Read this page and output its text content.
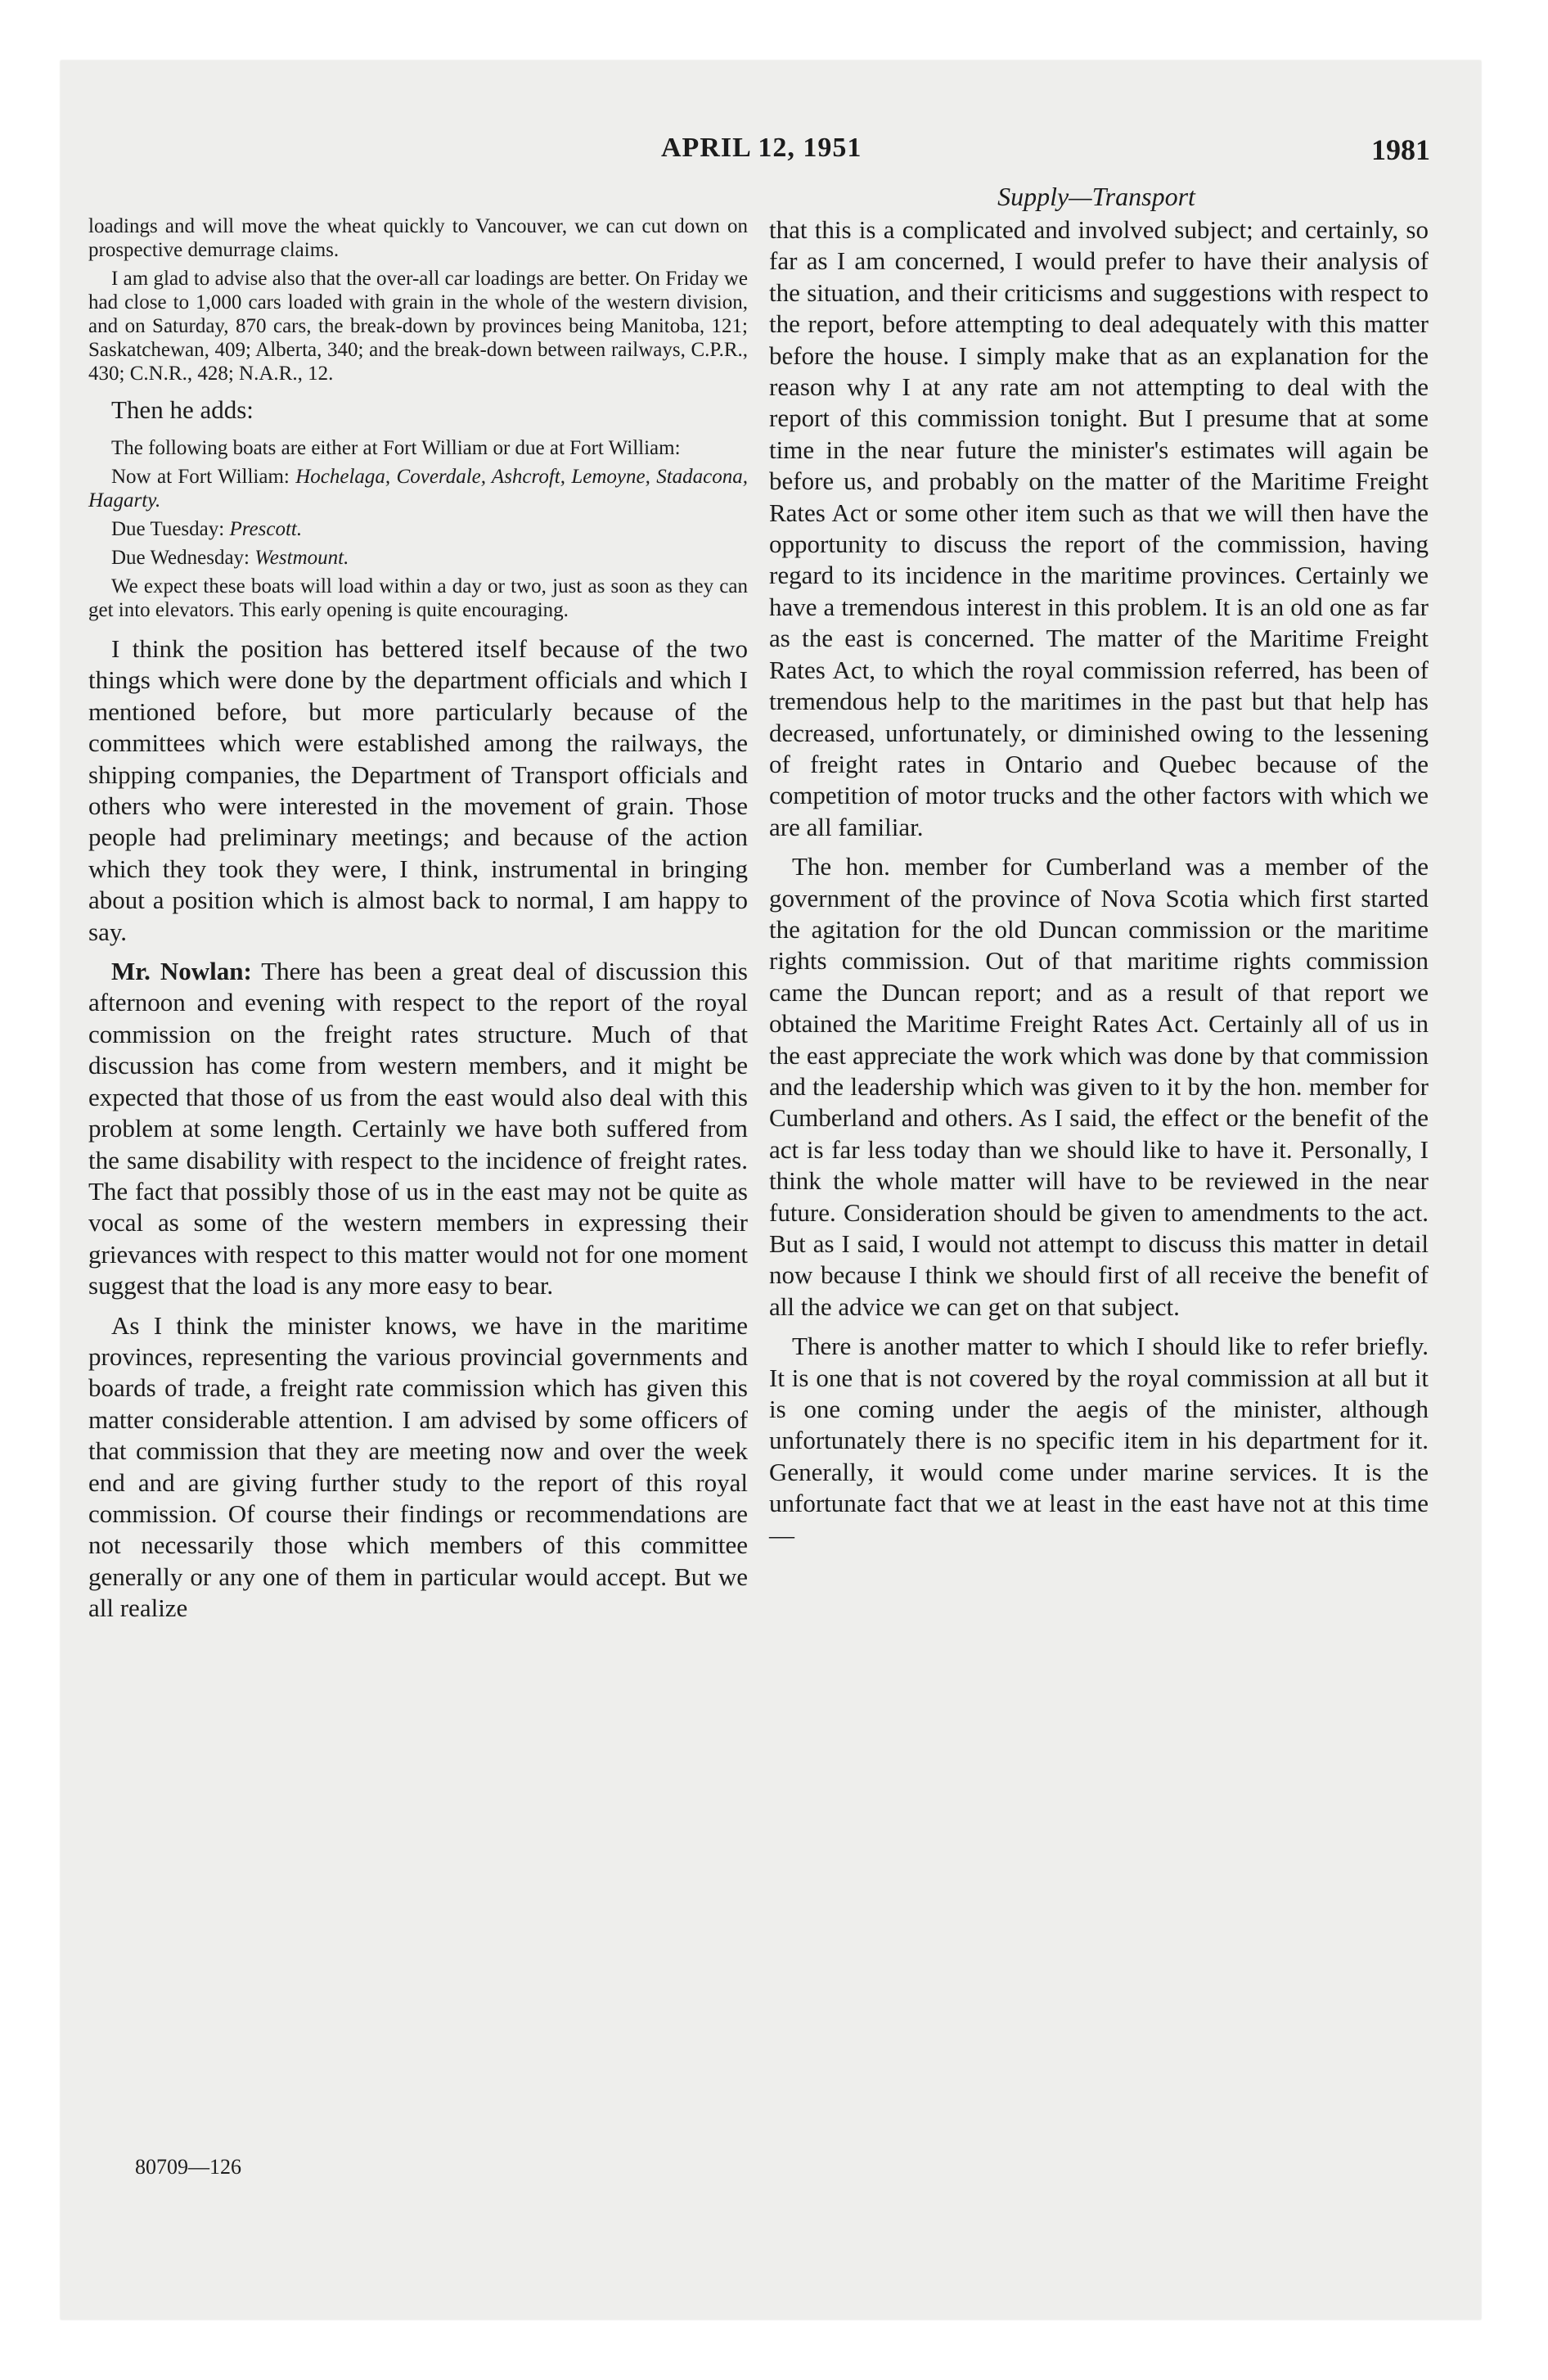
APRIL 12, 1951	1981
Supply—Transport

loadings and will move the wheat quickly to Vancouver, we can cut down on prospective demurrage claims.

I am glad to advise also that the over-all car loadings are better. On Friday we had close to 1,000 cars loaded with grain in the whole of the western division, and on Saturday, 870 cars, the break-down by provinces being Manitoba, 121; Saskatchewan, 409; Alberta, 340; and the break-down between railways, C.P.R., 430; C.N.R., 428; N.A.R., 12.

Then he adds:

The following boats are either at Fort William or due at Fort William:

Now at Fort William: Hochelaga, Coverdale, Ashcroft, Lemoyne, Stadacona, Hagarty.

Due Tuesday: Prescott.

Due Wednesday: Westmount.

We expect these boats will load within a day or two, just as soon as they can get into elevators. This early opening is quite encouraging.

I think the position has bettered itself because of the two things which were done by the department officials and which I mentioned before, but more particularly because of the committees which were established among the railways, the shipping companies, the Department of Transport officials and others who were interested in the movement of grain. Those people had preliminary meetings; and because of the action which they took they were, I think, instrumental in bringing about a position which is almost back to normal, I am happy to say.

Mr. Nowlan: There has been a great deal of discussion this afternoon and evening with respect to the report of the royal commission on the freight rates structure. Much of that discussion has come from western members, and it might be expected that those of us from the east would also deal with this problem at some length. Certainly we have both suffered from the same disability with respect to the incidence of freight rates. The fact that possibly those of us in the east may not be quite as vocal as some of the western members in expressing their grievances with respect to this matter would not for one moment suggest that the load is any more easy to bear.

As I think the minister knows, we have in the maritime provinces, representing the various provincial governments and boards of trade, a freight rate commission which has given this matter considerable attention. I am advised by some officers of that commission that they are meeting now and over the week end and are giving further study to the report of this royal commission. Of course their findings or recommendations are not necessarily those which members of this committee generally or any one of them in particular would accept. But we all realize

80709—126

that this is a complicated and involved subject; and certainly, so far as I am concerned, I would prefer to have their analysis of the situation, and their criticisms and suggestions with respect to the report, before attempting to deal adequately with this matter before the house. I simply make that as an explanation for the reason why I at any rate am not attempting to deal with the report of this commission tonight. But I presume that at some time in the near future the minister's estimates will again be before us, and probably on the matter of the Maritime Freight Rates Act or some other item such as that we will then have the opportunity to discuss the report of the commission, having regard to its incidence in the maritime provinces. Certainly we have a tremendous interest in this problem. It is an old one as far as the east is concerned. The matter of the Maritime Freight Rates Act, to which the royal commission referred, has been of tremendous help to the maritimes in the past but that help has decreased, unfortunately, or diminished owing to the lessening of freight rates in Ontario and Quebec because of the competition of motor trucks and the other factors with which we are all familiar.

The hon. member for Cumberland was a member of the government of the province of Nova Scotia which first started the agitation for the old Duncan commission or the maritime rights commission. Out of that maritime rights commission came the Duncan report; and as a result of that report we obtained the Maritime Freight Rates Act. Certainly all of us in the east appreciate the work which was done by that commission and the leadership which was given to it by the hon. member for Cumberland and others. As I said, the effect or the benefit of the act is far less today than we should like to have it. Personally, I think the whole matter will have to be reviewed in the near future. Consideration should be given to amendments to the act. But as I said, I would not attempt to discuss this matter in detail now because I think we should first of all receive the benefit of all the advice we can get on that subject.

There is another matter to which I should like to refer briefly. It is one that is not covered by the royal commission at all but it is one coming under the aegis of the minister, although unfortunately there is no specific item in his department for it. Generally, it would come under marine services. It is the unfortunate fact that we at least in the east have not at this time—
